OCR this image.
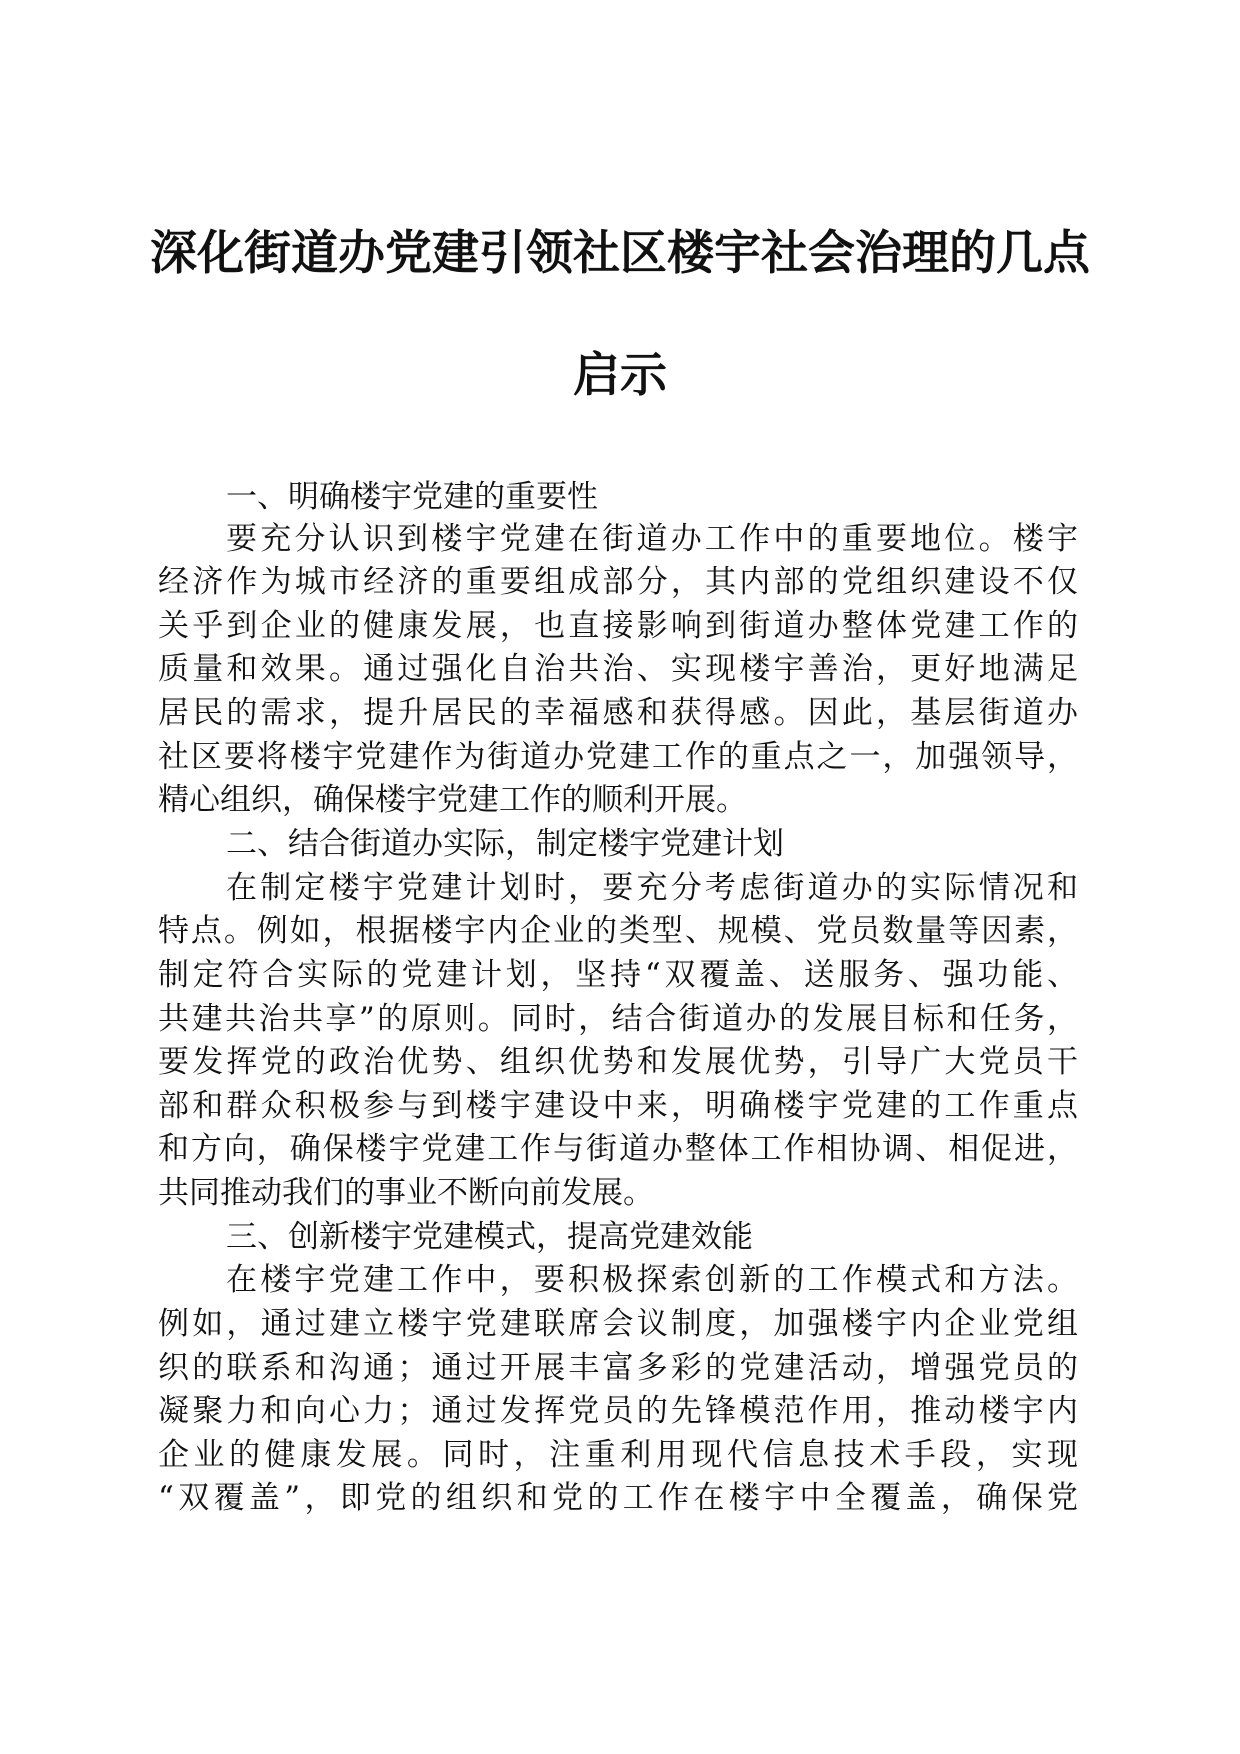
深化街道办党建引领社区楼宇社会治理的几点
启示
一、明确楼宇党建的重要性
要充分认识到楼宇党建在街道办工作中的重要地位。楼宇
经济作为城市经济的重要组成部分，其内部的党组织建设不仅
关乎到企业的健康发展，也直接影响到街道办整体党建工作的
质量和效果。通过强化自治共治、实现楼宇善治，更好地满足
居民的需求，提升居民的幸福感和获得感。因此，基层街道办
社区要将楼宇党建作为街道办党建工作的重点之一，加强领导，
精心组织，确保楼宇党建工作的顺利开展。
二、结合街道办实际，制定楼宇党建计划
在制定楼宇党建计划时，要充分考虑街道办的实际情况和
特点。例如，根据楼宇内企业的类型、规模、党员数量等因素，
制定符合实际的党建计划，坚持“双覆盖、送服务、强功能、
共建共治共享”的原则。同时，结合街道办的发展目标和任务，
要发挥党的政治优势、组织优势和发展优势，引导广大党员干
部和群众积极参与到楼宇建设中来，明确楼宇党建的工作重点
和方向，确保楼宇党建工作与街道办整体工作相协调、相促进，
共同推动我们的事业不断向前发展。
三、创新楼宇党建模式，提高党建效能
在楼宇党建工作中，要积极探索创新的工作模式和方法。
例如，通过建立楼宇党建联席会议制度，加强楼宇内企业党组
织的联系和沟通；通过开展丰富多彩的党建活动，增强党员的
凝聚力和向心力；通过发挥党员的先锋模范作用，推动楼宇内
企业的健康发展。同时，注重利用现代信息技术手段，实现
“双覆盖”，即党的组织和党的工作在楼宇中全覆盖，确保党
